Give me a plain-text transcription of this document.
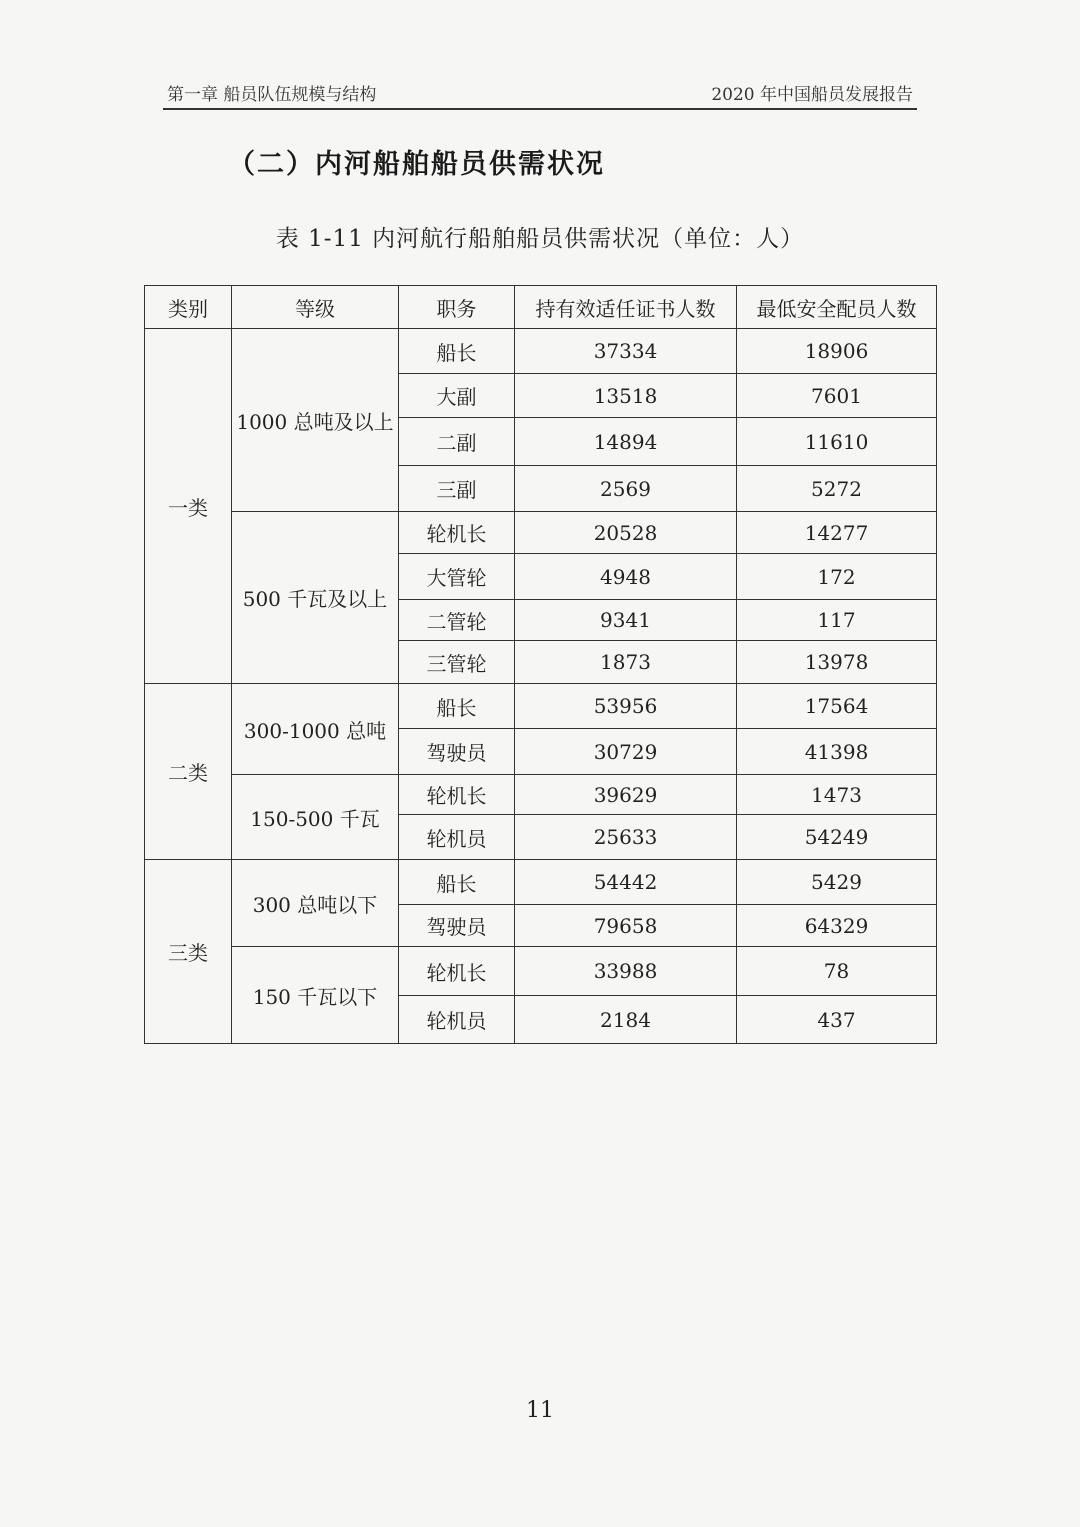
第一章 船员队伍规模与结构	2020 年中国船员发展报告
（二）内河船舶船员供需状况
表 1-11 内河航行船舶船员供需状况（单位：人）
类别	等级	职务	持有效适任证书人数	最低安全配员人数
一类	1000 总吨及以上	船长	37334	18906
		大副	13518	7601
		二副	14894	11610
		三副	2569	5272
	500 千瓦及以上	轮机长	20528	14277
		大管轮	4948	172
		二管轮	9341	117
		三管轮	1873	13978
二类	300-1000 总吨	船长	53956	17564
		驾驶员	30729	41398
	150-500 千瓦	轮机长	39629	1473
		轮机员	25633	54249
三类	300 总吨以下	船长	54442	5429
		驾驶员	79658	64329
	150 千瓦以下	轮机长	33988	78
		轮机员	2184	437
11
